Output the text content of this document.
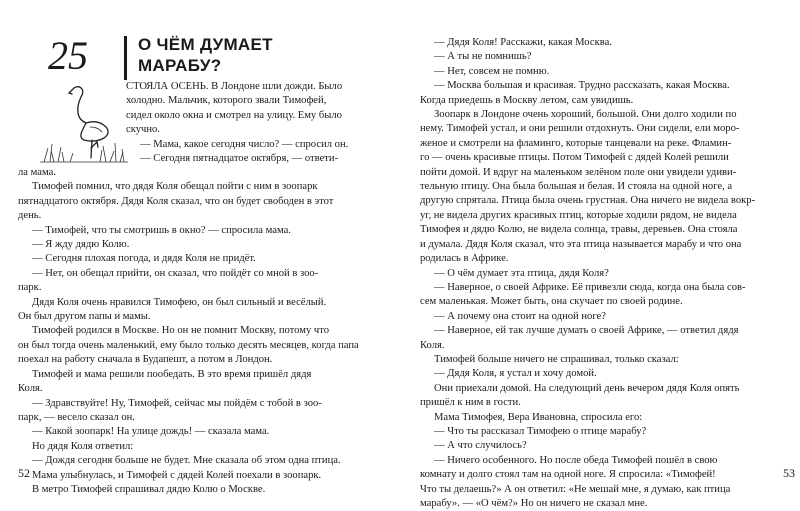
25	О ЧЁМ ДУМАЕТ
МАРАБУ?

СТОЯЛА ОСЕНЬ. В Лондоне шли дожди. Было

холодно. Мальчик, которого звали Тимофей,

сидел около окна и смотрел на улицу. Ему было

скучно.

— Мама, какое сегодня число? — спросил он.

— Сегодня пятнадцатое октября, — ответи-

ла мама.

Тимофей помнил, что дядя Коля обещал пойти с ним в зоопарк

пятнадцатого октября. Дядя Коля сказал, что он будет свободен в этот

день.

— Тимофей, что ты смотришь в окно? — спросила мама.

— Я жду дядю Колю.

— Сегодня плохая погода, и дядя Коля не придёт.

— Нет, он обещал прийти, он сказал, что пойдёт со мной в зоо-

парк.

Дядя Коля очень нравился Тимофею, он был сильный и весёлый.

Он был другом папы и мамы.

Тимофей родился в Москве. Но он не помнит Москву, потому что

он был тогда очень маленький, ему было только десять месяцев, когда папа

поехал на работу сначала в Будапешт, а потом в Лондон.

Тимофей и мама решили пообедать. В это время пришёл дядя

Коля.

— Здравствуйте! Ну, Тимофей, сейчас мы пойдём с тобой в зоо-

парк, — весело сказал он.

— Какой зоопарк! На улице дождь! — сказала мама.

Но дядя Коля ответил:

— Дождя сегодня больше не будет. Мне сказала об этом одна птица.

Мама улыбнулась, и Тимофей с дядей Колей поехали в зоопарк.

В метро Тимофей спрашивал дядю Колю о Москве.

52

— Дядя Коля! Расскажи, какая Москва.

— А ты не помнишь?

— Нет, совсем не помню.

— Москва большая и красивая. Трудно рассказать, какая Москва.

Когда приедешь в Москву летом, сам увидишь.

Зоопарк в Лондоне очень хороший, большой. Они долго ходили по

нему. Тимофей устал, и они решили отдохнуть. Они сидели, ели моро-

женое и смотрели на фламинго, которые танцевали на реке. Фламин-

го — очень красивые птицы. Потом Тимофей с дядей Колей решили

пойти домой. И вдруг на маленьком зелёном поле они увидели удиви-

тельную птицу. Она была большая и белая. И стояла на одной ноге, а

другую спрятала. Птица была очень грустная. Она ничего не видела вокр-

уг, не видела других красивых птиц, которые ходили рядом, не видела

Тимофея и дядю Колю, не видела солнца, травы, деревьев. Она стояла

и думала. Дядя Коля сказал, что эта птица называется марабу и что она

родилась в Африке.

— О чём думает эта птица, дядя Коля?

— Наверное, о своей Африке. Её привезли сюда, когда она была сов-

сем маленькая. Может быть, она скучает по своей родине.

— А почему она стоит на одной ноге?

— Наверное, ей так лучше думать о своей Африке, — ответил дядя

Коля.

Тимофей больше ничего не спрашивал, только сказал:

— Дядя Коля, я устал и хочу домой.

Они приехали домой. На следующий день вечером дядя Коля опять

пришёл к ним в гости.

Мама Тимофея, Вера Ивановна, спросила его:

— Что ты рассказал Тимофею о птице марабу?

— А что случилось?

— Ничего особенного. Но после обеда Тимофей пошёл в свою

комнату и долго стоял там на одной ноге. Я спросила: «Тимофей!

Что ты делаешь?» А он ответил: «Не мешай мне, я думаю, как птица

марабу». — «О чём?» Но он ничего не сказал мне.

53
